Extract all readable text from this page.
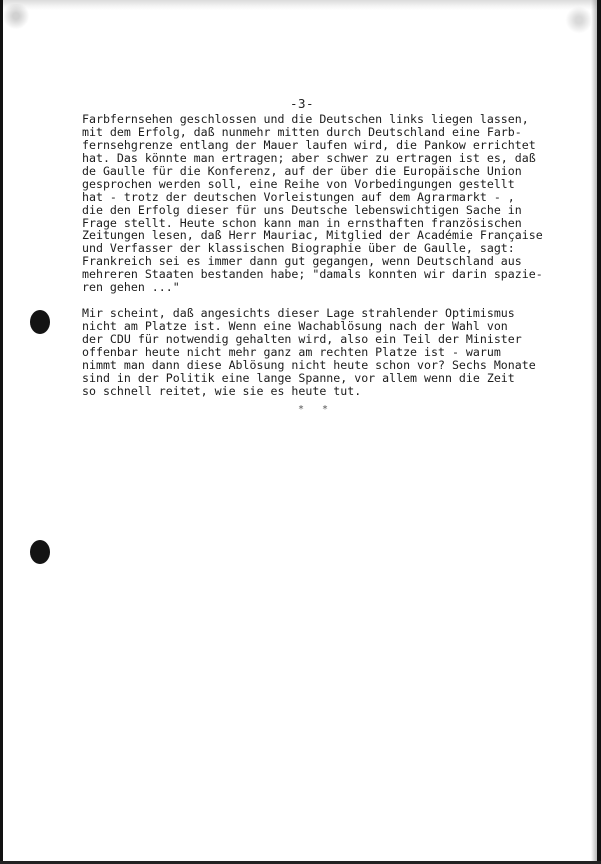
-3-
Farbfernsehen geschlossen und die Deutschen links liegen lassen,
mit dem Erfolg, daß nunmehr mitten durch Deutschland eine Farb-
fernsehgrenze entlang der Mauer laufen wird, die Pankow errichtet
hat. Das könnte man ertragen; aber schwer zu ertragen ist es, daß
de Gaulle für die Konferenz, auf der über die Europäische Union
gesprochen werden soll, eine Reihe von Vorbedingungen gestellt
hat - trotz der deutschen Vorleistungen auf dem Agrarmarkt - ,
die den Erfolg dieser für uns Deutsche lebenswichtigen Sache in
Frage stellt. Heute schon kann man in ernsthaften französischen
Zeitungen lesen, daß Herr Mauriac, Mitglied der Académie Française
und Verfasser der klassischen Biographie über de Gaulle, sagt:
Frankreich sei es immer dann gut gegangen, wenn Deutschland aus
mehreren Staaten bestanden habe; "damals konnten wir darin spazie-
ren gehen ..."
Mir scheint, daß angesichts dieser Lage strahlender Optimismus
nicht am Platze ist. Wenn eine Wachablösung nach der Wahl von
der CDU für notwendig gehalten wird, also ein Teil der Minister
offenbar heute nicht mehr ganz am rechten Platze ist - warum
nimmt man dann diese Ablösung nicht heute schon vor? Sechs Monate
sind in der Politik eine lange Spanne, vor allem wenn die Zeit
so schnell reitet, wie sie es heute tut.
* *
